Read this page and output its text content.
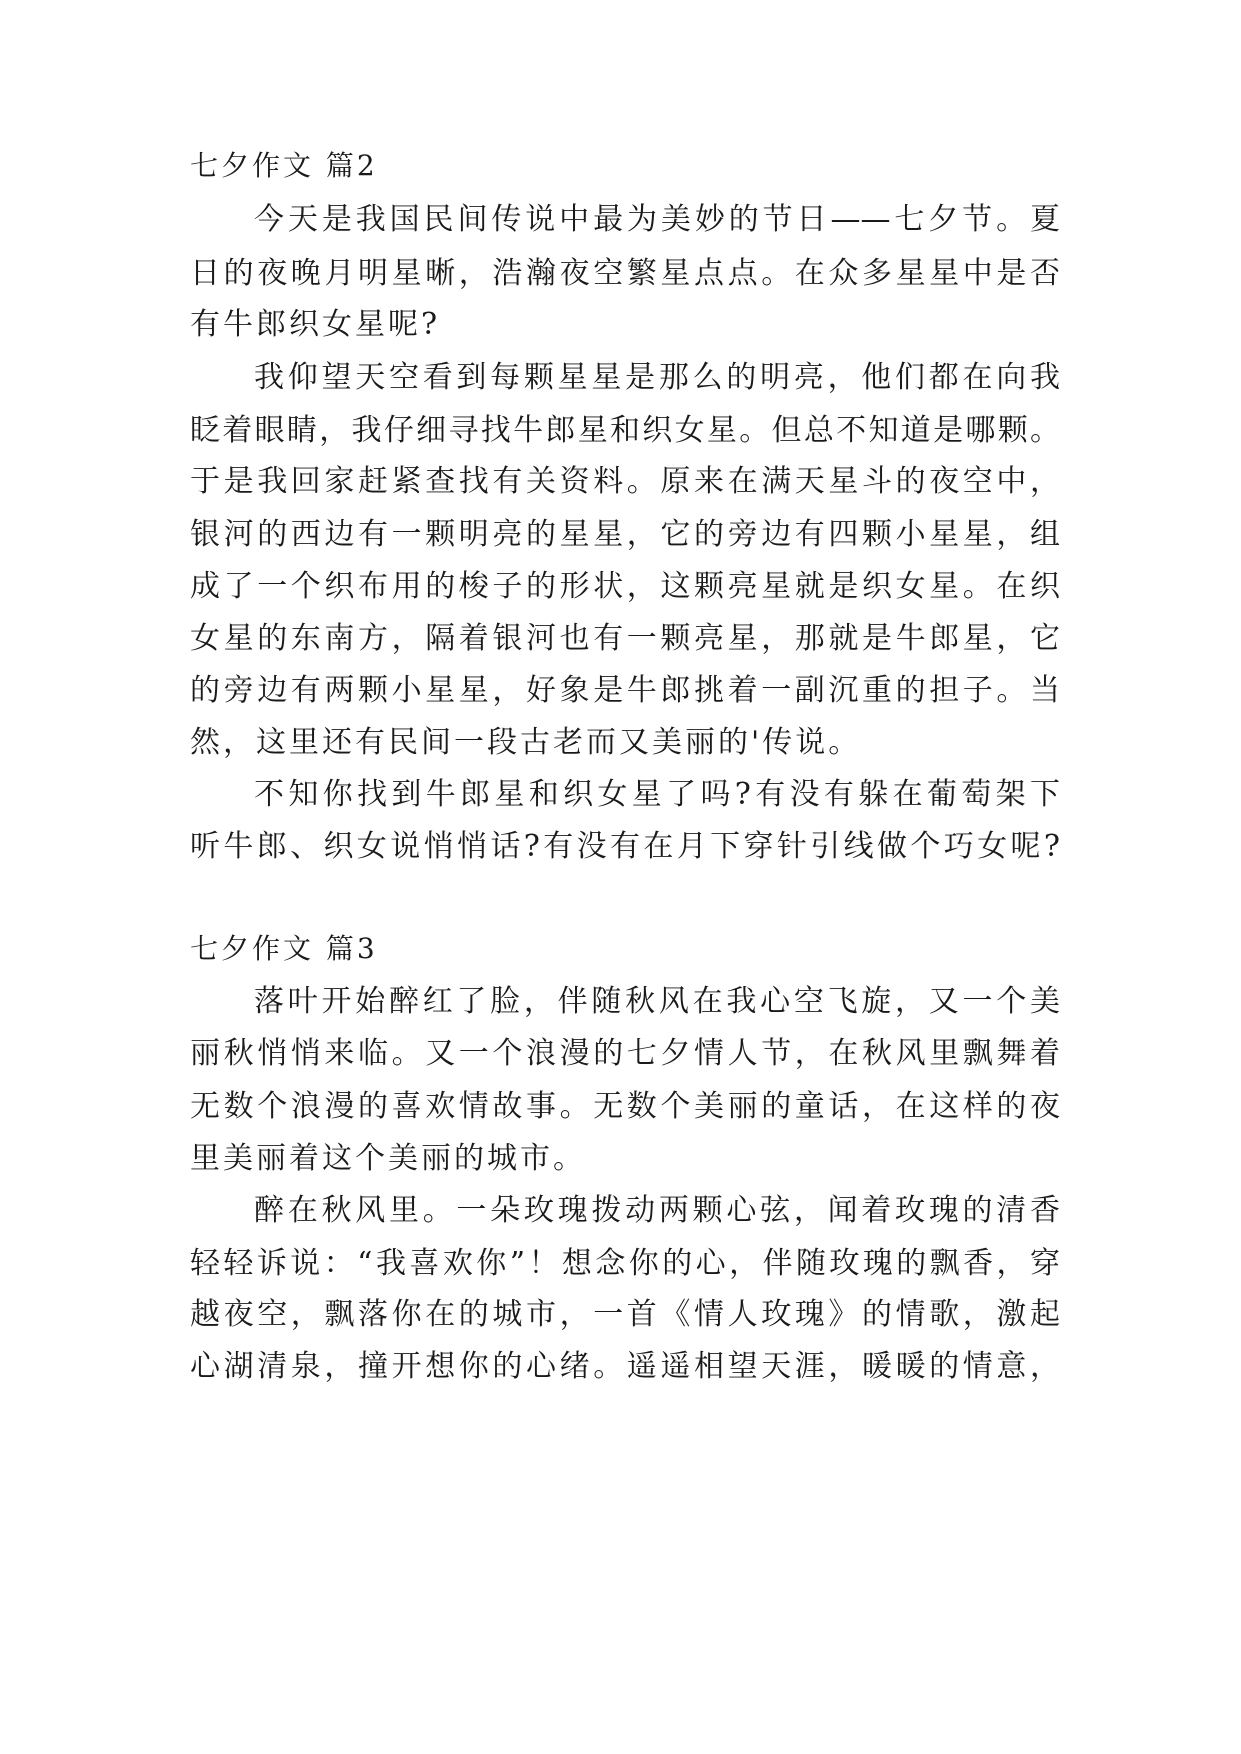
七夕作文 篇2
今天是我国民间传说中最为美妙的节日——七夕节。夏
日的夜晚月明星晰，浩瀚夜空繁星点点。在众多星星中是否
有牛郎织女星呢?
我仰望天空看到每颗星星是那么的明亮，他们都在向我
眨着眼睛，我仔细寻找牛郎星和织女星。但总不知道是哪颗。
于是我回家赶紧查找有关资料。原来在满天星斗的夜空中，
银河的西边有一颗明亮的星星，它的旁边有四颗小星星，组
成了一个织布用的梭子的形状，这颗亮星就是织女星。在织
女星的东南方，隔着银河也有一颗亮星，那就是牛郎星，它
的旁边有两颗小星星，好象是牛郎挑着一副沉重的担子。当
然，这里还有民间一段古老而又美丽的'传说。
不知你找到牛郎星和织女星了吗?有没有躲在葡萄架下
听牛郎、织女说悄悄话?有没有在月下穿针引线做个巧女呢?
七夕作文 篇3
落叶开始醉红了脸，伴随秋风在我心空飞旋，又一个美
丽秋悄悄来临。又一个浪漫的七夕情人节，在秋风里飘舞着
无数个浪漫的喜欢情故事。无数个美丽的童话，在这样的夜
里美丽着这个美丽的城市。
醉在秋风里。一朵玫瑰拨动两颗心弦，闻着玫瑰的清香
轻轻诉说：“我喜欢你”！想念你的心，伴随玫瑰的飘香，穿
越夜空，飘落你在的城市，一首《情人玫瑰》的情歌，激起
心湖清泉，撞开想你的心绪。遥遥相望天涯，暖暖的情意，
